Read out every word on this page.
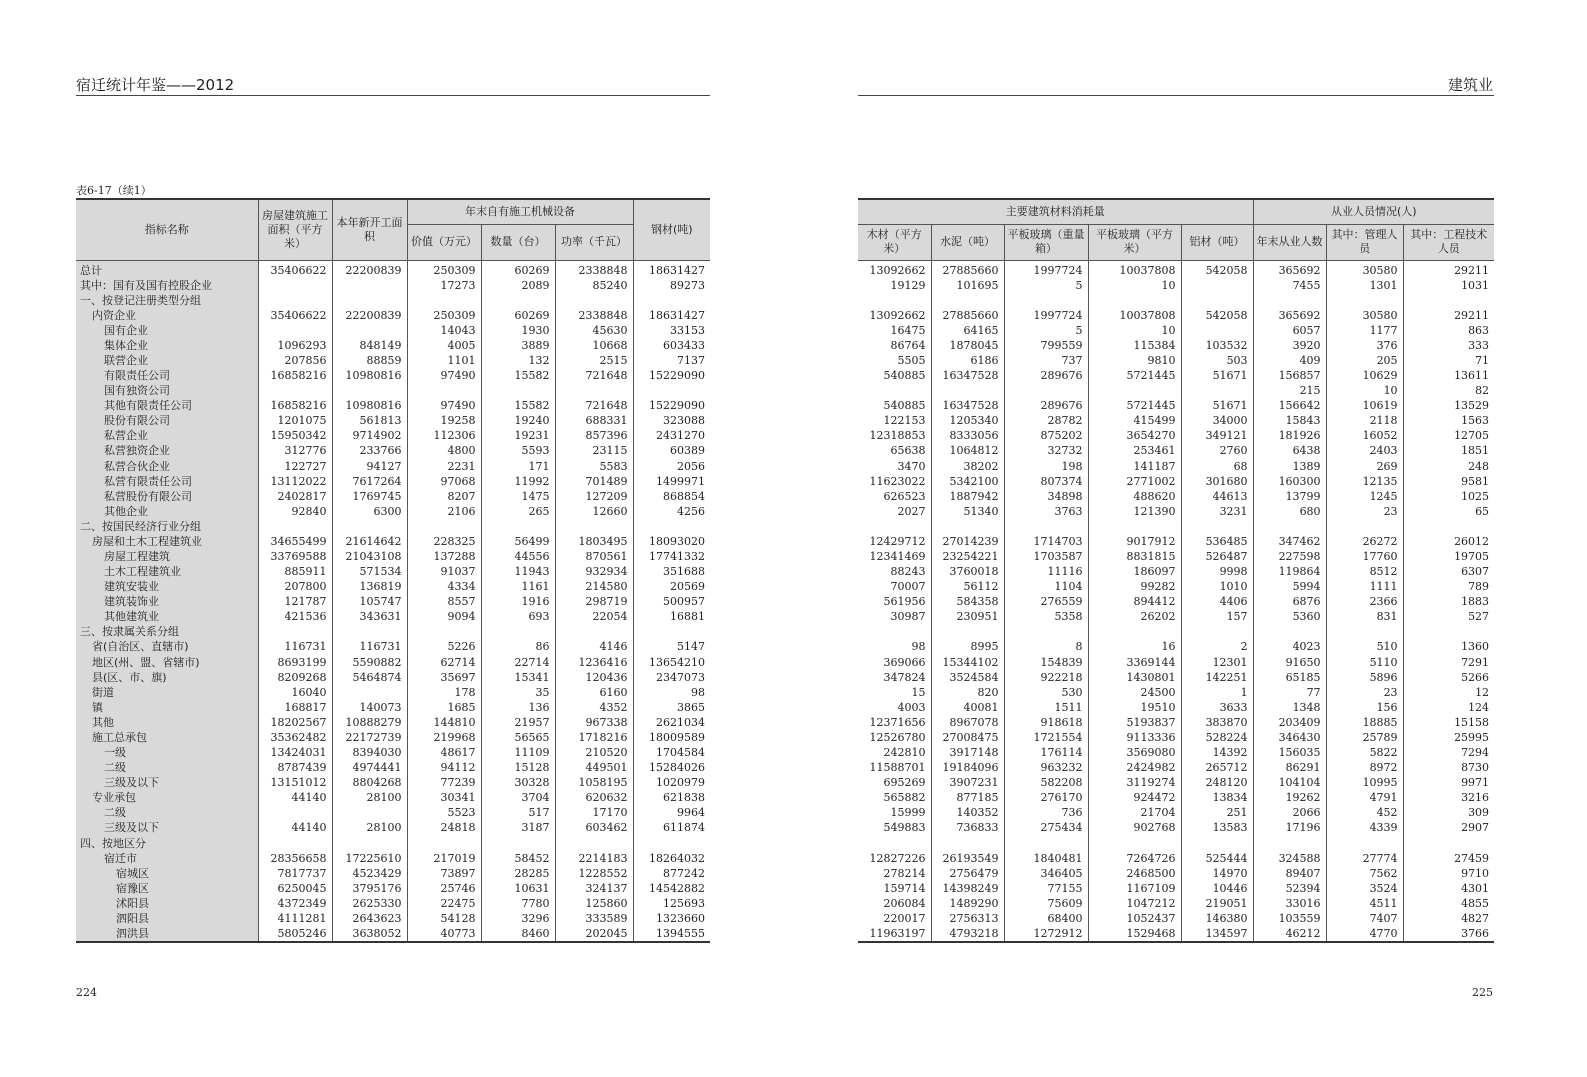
宿迁统计年鉴——2012	建筑业
表6-17（续1）
指标名称	房屋建筑施工面积（平方米）	本年新开工面积	年末自有施工机械设备			钢材(吨)
			价值（万元）	数量（台）	功率（千瓦）	
总计	35406622	22200839	250309	60269	2338848	18631427
其中：国有及国有控股企业			17273	2089	85240	89273
一、按登记注册类型分组						
内资企业	35406622	22200839	250309	60269	2338848	18631427
国有企业			14043	1930	45630	33153
集体企业	1096293	848149	4005	3889	10668	603433
联营企业	207856	88859	1101	132	2515	7137
有限责任公司	16858216	10980816	97490	15582	721648	15229090
国有独资公司						
其他有限责任公司	16858216	10980816	97490	15582	721648	15229090
股份有限公司	1201075	561813	19258	19240	688331	323088
私营企业	15950342	9714902	112306	19231	857396	2431270
私营独资企业	312776	233766	4800	5593	23115	60389
私营合伙企业	122727	94127	2231	171	5583	2056
私营有限责任公司	13112022	7617264	97068	11992	701489	1499971
私营股份有限公司	2402817	1769745	8207	1475	127209	868854
其他企业	92840	6300	2106	265	12660	4256
二、按国民经济行业分组						
房屋和土木工程建筑业	34655499	21614642	228325	56499	1803495	18093020
房屋工程建筑	33769588	21043108	137288	44556	870561	17741332
土木工程建筑业	885911	571534	91037	11943	932934	351688
建筑安装业	207800	136819	4334	1161	214580	20569
建筑装饰业	121787	105747	8557	1916	298719	500957
其他建筑业	421536	343631	9094	693	22054	16881
三、按隶属关系分组						
省(自治区、直辖市)	116731	116731	5226	86	4146	5147
地区(州、盟、省辖市)	8693199	5590882	62714	22714	1236416	13654210
县(区、市、旗)	8209268	5464874	35697	15341	120436	2347073
街道	16040		178	35	6160	98
镇	168817	140073	1685	136	4352	3865
其他	18202567	10888279	144810	21957	967338	2621034
施工总承包	35362482	22172739	219968	56565	1718216	18009589
一级	13424031	8394030	48617	11109	210520	1704584
二级	8787439	4974441	94112	15128	449501	15284026
三级及以下	13151012	8804268	77239	30328	1058195	1020979
专业承包	44140	28100	30341	3704	620632	621838
二级			5523	517	17170	9964
三级及以下	44140	28100	24818	3187	603462	611874
四、按地区分						
宿迁市	28356658	17225610	217019	58452	2214183	18264032
宿城区	7817737	4523429	73897	28285	1228552	877242
宿豫区	6250045	3795176	25746	10631	324137	14542882
沭阳县	4372349	2625330	22475	7780	125860	125693
泗阳县	4111281	2643623	54128	3296	333589	1323660
泗洪县	5805246	3638052	40773	8460	202045	1394555
主要建筑材料消耗量					从业人员情况(人)		
木材（平方米）	水泥（吨）	平板玻璃（重量箱）	平板玻璃（平方米）	铝材（吨）	年末从业人数	其中：管理人员	其中：工程技术人员
13092662	27885660	1997724	10037808	542058	365692	30580	29211
19129	101695	5	10		7455	1301	1031

13092662	27885660	1997724	10037808	542058	365692	30580	29211
16475	64165	5	10		6057	1177	863
86764	1878045	799559	115384	103532	3920	376	333
5505	6186	737	9810	503	409	205	71
540885	16347528	289676	5721445	51671	156857	10629	13611
					215	10	82
540885	16347528	289676	5721445	51671	156642	10619	13529
122153	1205340	28782	415499	34000	15843	2118	1563
12318853	8333056	875202	3654270	349121	181926	16052	12705
65638	1064812	32732	253461	2760	6438	2403	1851
3470	38202	198	141187	68	1389	269	248
11623022	5342100	807374	2771002	301680	160300	12135	9581
626523	1887942	34898	488620	44613	13799	1245	1025
2027	51340	3763	121390	3231	680	23	65

12429712	27014239	1714703	9017912	536485	347462	26272	26012
12341469	23254221	1703587	8831815	526487	227598	17760	19705
88243	3760018	11116	186097	9998	119864	8512	6307
70007	56112	1104	99282	1010	5994	1111	789
561956	584358	276559	894412	4406	6876	2366	1883
30987	230951	5358	26202	157	5360	831	527

98	8995	8	16	2	4023	510	1360
369066	15344102	154839	3369144	12301	91650	5110	7291
347824	3524584	922218	1430801	142251	65185	5896	5266
15	820	530	24500	1	77	23	12
4003	40081	1511	19510	3633	1348	156	124
12371656	8967078	918618	5193837	383870	203409	18885	15158
12526780	27008475	1721554	9113336	528224	346430	25789	25995
242810	3917148	176114	3569080	14392	156035	5822	7294
11588701	19184096	963232	2424982	265712	86291	8972	8730
695269	3907231	582208	3119274	248120	104104	10995	9971
565882	877185	276170	924472	13834	19262	4791	3216
15999	140352	736	21704	251	2066	452	309
549883	736833	275434	902768	13583	17196	4339	2907

12827226	26193549	1840481	7264726	525444	324588	27774	27459
278214	2756479	346405	2468500	14970	89407	7562	9710
159714	14398249	77155	1167109	10446	52394	3524	4301
206084	1489290	75609	1047212	219051	33016	4511	4855
220017	2756313	68400	1052437	146380	103559	7407	4827
11963197	4793218	1272912	1529468	134597	46212	4770	3766
224	225
